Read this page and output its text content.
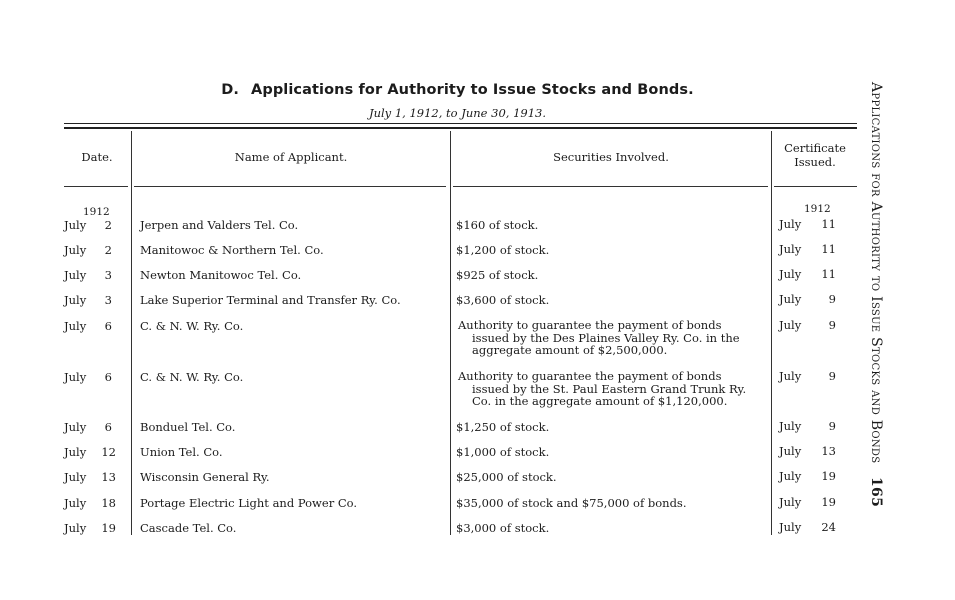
D. Applications for Authority to Issue Stocks and Bonds.
July 1, 1912, to June 30, 1913.
Date.	Name of Applicant.	Securities Involved.
Certificate
Issued.
1912	1912
July	2 Jerpen and Valders Tel. Co.	$160 of stock.	July	11
July	2 Manitowoc & Northern Tel. Co.	$1,200 of stock.	July	11
July	3 Newton Manitowoc Tel. Co.	$925 of stock.	July	11
July	3 Lake Superior Terminal and Transfer Ry. Co.	$3,600 of stock.	July	9
July	6 C. & N. W. Ry. Co.	Authority to guarantee the payment of bonds
issued by the Des Plaines Valley Ry. Co. in the
aggregate amount of $2,500,000.
July	9
July	6 C. & N. W. Ry. Co.	Authority to guarantee the payment of bonds
issued by the St. Paul Eastern Grand Trunk Ry.
Co. in the aggregate amount of $1,120,000.
July	9
July	6 Bonduel Tel. Co.	$1,250 of stock.	July	9
July	12 Union Tel. Co.	$1,000 of stock.	July	13
July	13 Wisconsin General Ry.	$25,000 of stock.	July	19
July	18 Portage Electric Light and Power Co.	$35,000 of stock and $75,000 of bonds.	July	19
July	19 Cascade Tel. Co.	$3,000 of stock.	July	24
Applications for Authority to Issue Stocks and Bonds165
